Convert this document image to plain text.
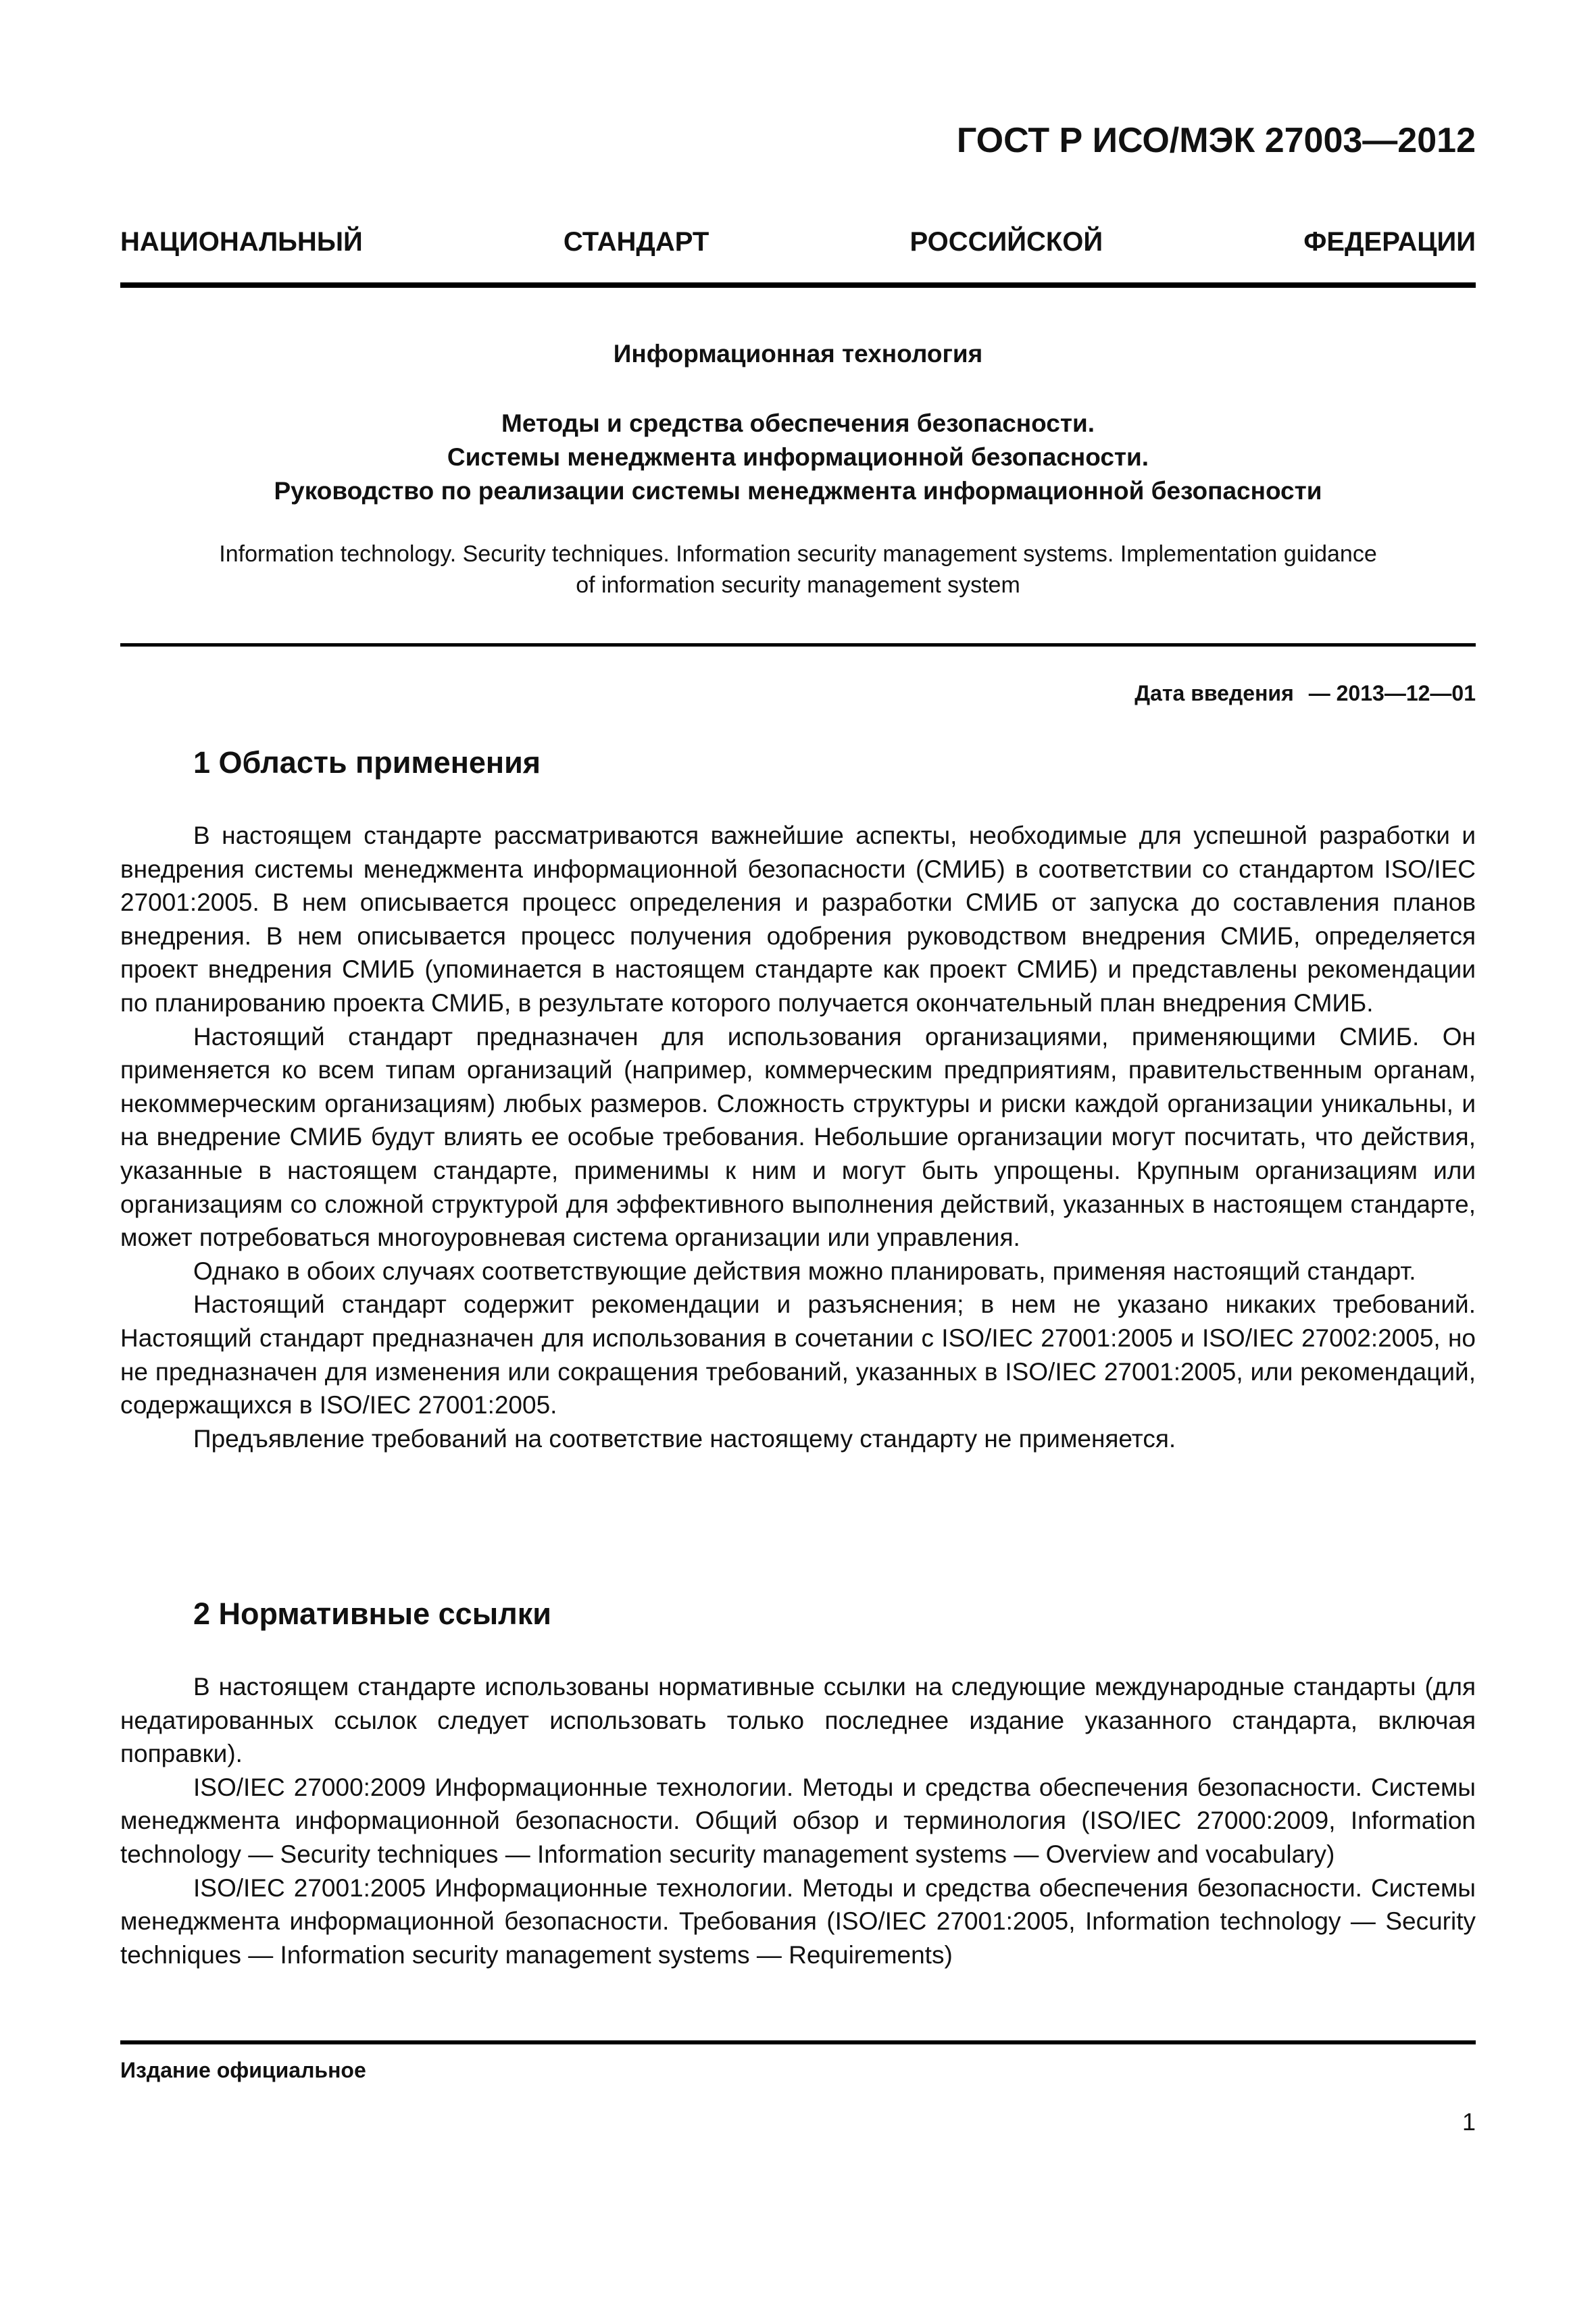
ГОСТ Р ИСО/МЭК 27003—2012
НАЦИОНАЛЬНЫЙ	СТАНДАРТ	РОССИЙСКОЙ	ФЕДЕРАЦИИ
Информационная технология
Методы и средства обеспечения безопасности.
Системы менеджмента информационной безопасности.
Руководство по реализации системы менеджмента информационной безопасности
Information technology. Security techniques. Information security management systems. Implementation guidance
of information security management system
Дата введения — 2013—12—01
1 Область применения

В настоящем стандарте рассматриваются важнейшие аспекты, необходимые для успешной разработки и внедрения системы менеджмента информационной безопасности (СМИБ) в соответствии со стандартом ISO/IEC 27001:2005. В нем описывается процесс определения и разработки СМИБ от запуска до составления планов внедрения. В нем описывается процесс получения одобрения руководством внедрения СМИБ, определяется проект внедрения СМИБ (упоминается в настоящем стандарте как проект СМИБ) и представлены рекомендации по планированию проекта СМИБ, в результате которого получается окончательный план внедрения СМИБ.

Настоящий стандарт предназначен для использования организациями, применяющими СМИБ. Он применяется ко всем типам организаций (например, коммерческим предприятиям, правительственным органам, некоммерческим организациям) любых размеров. Сложность структуры и риски каждой организации уникальны, и на внедрение СМИБ будут влиять ее особые требования. Небольшие организации могут посчитать, что действия, указанные в настоящем стандарте, применимы к ним и могут быть упрощены. Крупным организациям или организациям со сложной структурой для эффективного выполнения действий, указанных в настоящем стандарте, может потребоваться многоуровневая система организации или управления.

Однако в обоих случаях соответствующие действия можно планировать, применяя настоящий стандарт.

Настоящий стандарт содержит рекомендации и разъяснения; в нем не указано никаких требований. Настоящий стандарт предназначен для использования в сочетании с ISO/IEC 27001:2005 и ISO/IEC 27002:2005, но не предназначен для изменения или сокращения требований, указанных в ISO/IEC 27001:2005, или рекомендаций, содержащихся в ISO/IEC 27001:2005.

Предъявление требований на соответствие настоящему стандарту не применяется.

2 Нормативные ссылки

В настоящем стандарте использованы нормативные ссылки на следующие международные стандарты (для недатированных ссылок следует использовать только последнее издание указанного стандарта, включая поправки).

ISO/IEC 27000:2009 Информационные технологии. Методы и средства обеспечения безопасности. Системы менеджмента информационной безопасности. Общий обзор и терминология (ISO/IEC 27000:2009, Information technology — Security techniques — Information security management systems — Overview and vocabulary)

ISO/IEC 27001:2005 Информационные технологии. Методы и средства обеспечения безопасности. Системы менеджмента информационной безопасности. Требования (ISO/IEC 27001:2005, Information technology — Security techniques — Information security management systems — Requirements)

Издание официальное
1
